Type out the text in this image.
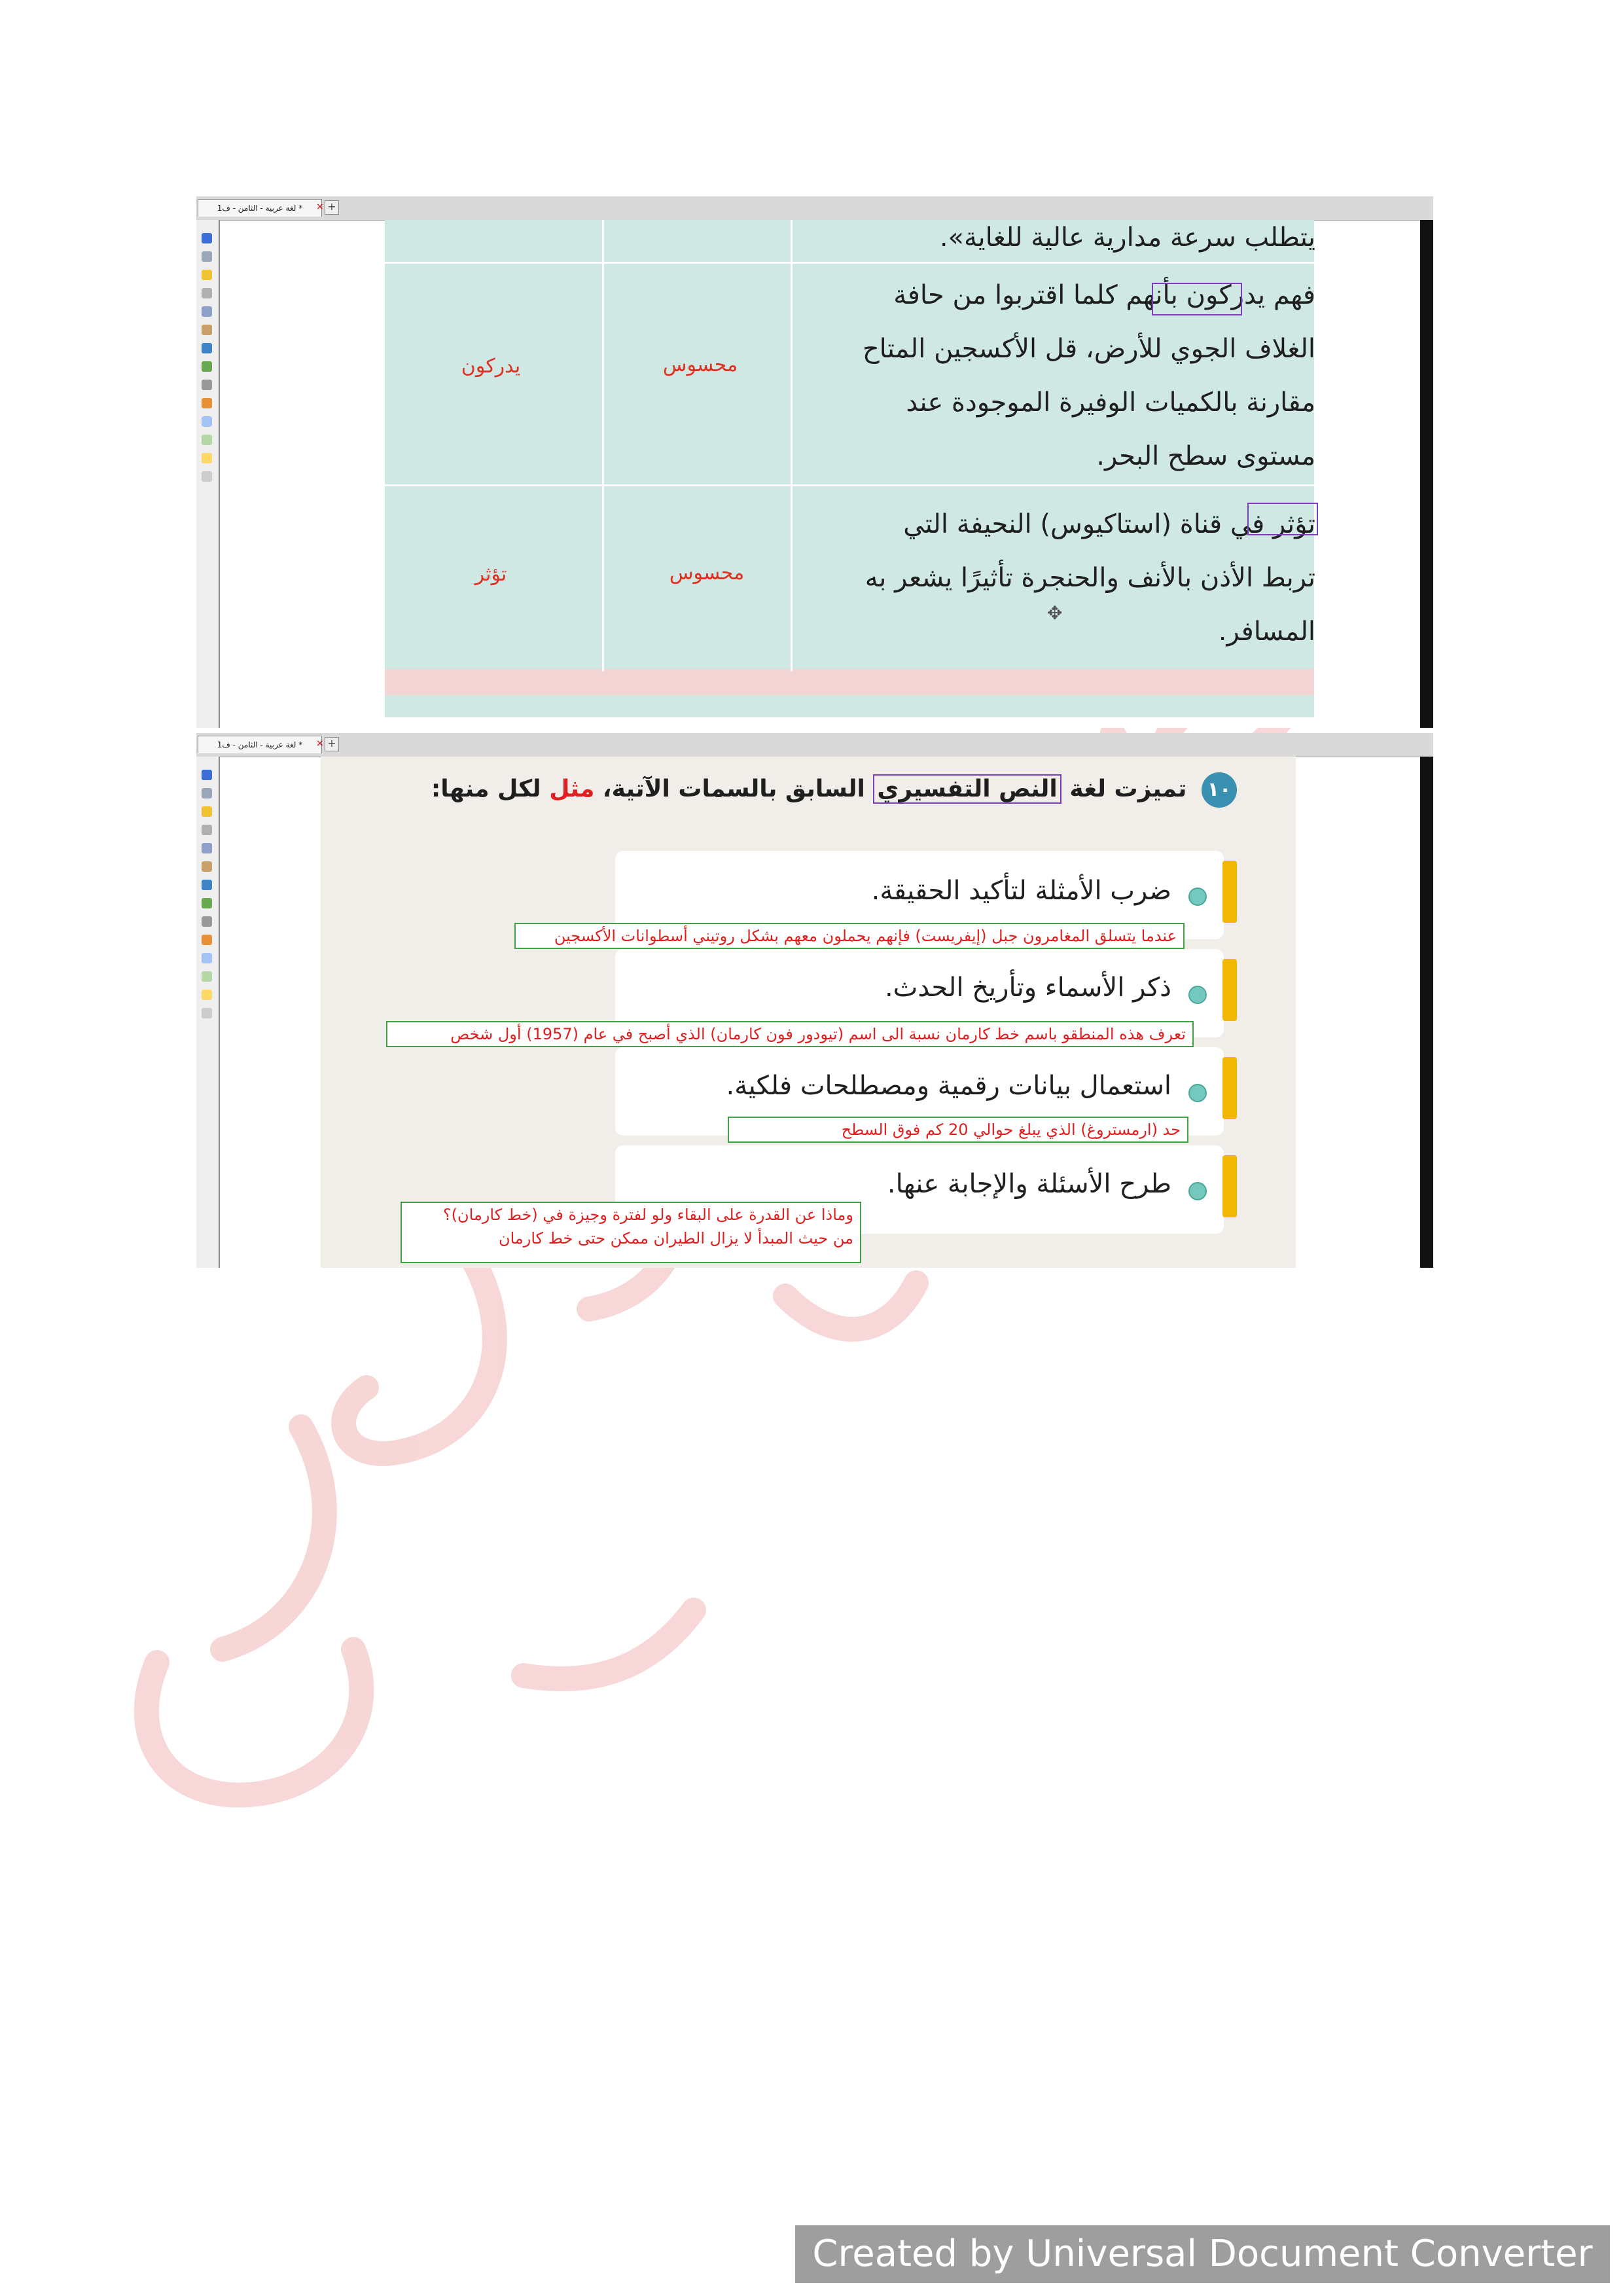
* لغة عربية - الثامن - ف1 × +
يتطلب سرعة مدارية عالية للغاية».
فهم يدركون بأنهم كلما اقتربوا من حافة
الغلاف الجوي للأرض، قل الأكسجين المتاح
مقارنة بالكميات الوفيرة الموجودة عند
مستوى سطح البحر.
محسوس
يدركون
تؤثر في قناة (استاكيوس) النحيفة التي
تربط الأذن بالأنف والحنجرة تأثيرًا يشعر به
المسافر.
محسوس
تؤثر
✥
* لغة عربية - الثامن - ف1 × +
١٠ تميزت لغة النص التفسيري السابق بالسمات الآتية، مثل لكل منها:
ضرب الأمثلة لتأكيد الحقيقة.
عندما يتسلق المغامرون جبل (إيفريست) فإنهم يحملون معهم بشكل روتيني أسطوانات الأكسجين
ذكر الأسماء وتأريخ الحدث.
تعرف هذه المنطقو باسم خط كارمان نسبة الى اسم (تيودور فون كارمان) الذي أصبح في عام (1957) أول شخص
استعمال بيانات رقمية ومصطلحات فلكية.
حد (ارمستروغ) الذي يبلغ حوالي 20 كم فوق السطح
طرح الأسئلة والإجابة عنها.
وماذا عن القدرة على البقاء ولو لفترة وجيزة في (خط كارمان)؟
من حيث المبدأ لا يزال الطيران ممكن حتى خط كارمان
Created by Universal Document Converter
